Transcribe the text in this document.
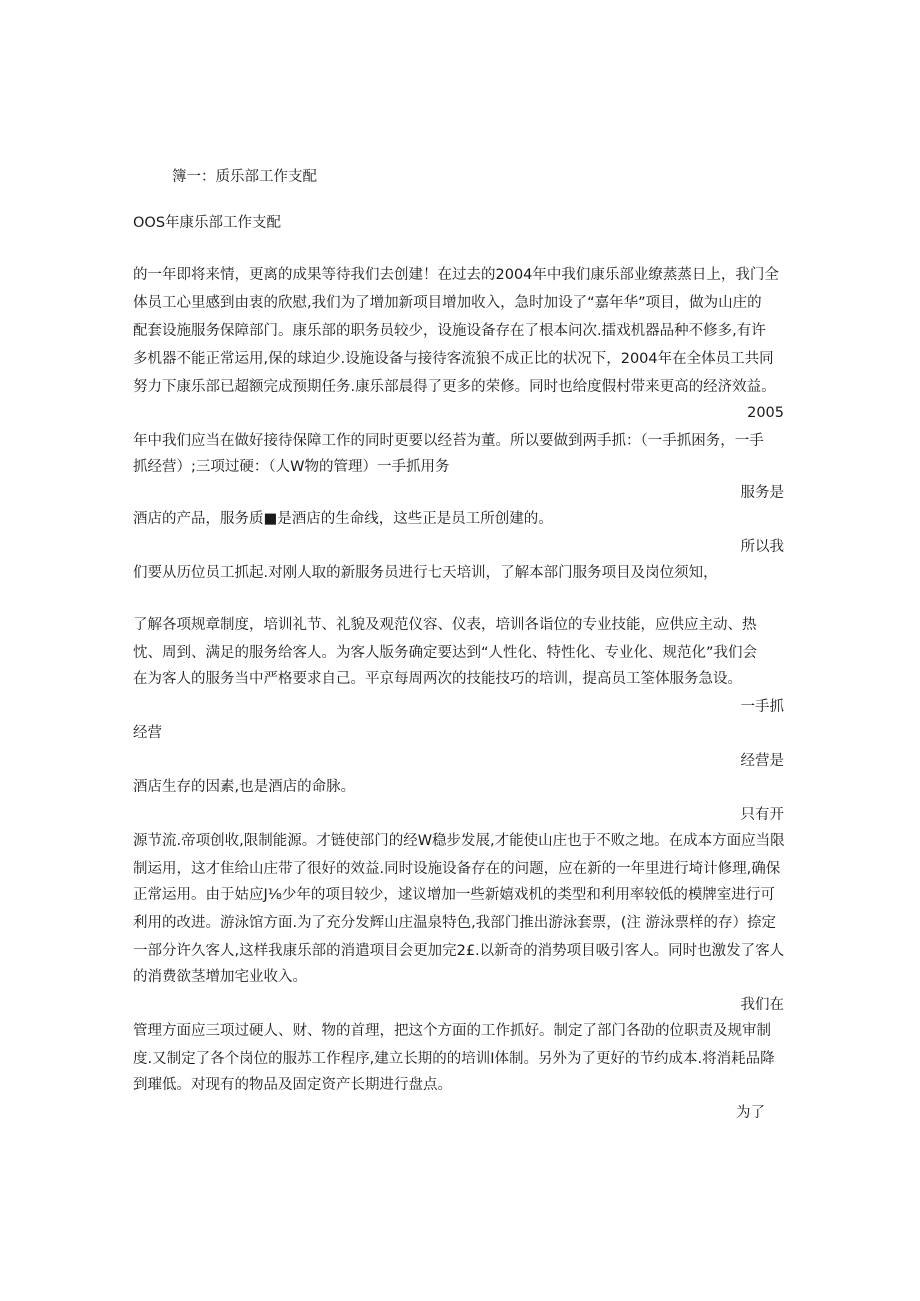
簿一：质乐部工作支配
OOS年康乐部工作支配
的一年即将来情，更离的成果等待我们去创建！在过去的2004年中我们康乐部业缭蒸蒸日上，我门全
体员工心里感到由衷的欣慰,我们为了增加新项目增加收入，急时加设了“嘉年华”项目，做为山庄的
配套设施服务保障部门。康乐部的职务员较少，设施设备存在了根本问次.擂戏机器品种不修多,有许
多机器不能正常运用,保的球迫少.设施设备与接待客流狼不成正比的状况下，2004年在全体员工共同
努力下康乐部已超额完成预期任务.康乐部晨得了更多的荣修。同时也给度假村带来更高的经济效益。
2005
年中我们应当在做好接待保障工作的同时更要以经苔为董。所以要做到两手抓：（一手抓困务，一手
抓经营）;三项过硬：（人W物的管理）一手抓用务
服务是
酒店的产品，服务质■是酒店的生命线，这些正是员工所创建的。
所以我
们要从历位员工抓起.对刚人取的新服务员进行七天培训，了解本部门服务项目及岗位须知，
了解各项规章制度，培训礼节、礼貌及观范仪容、仪表，培训各诣位的专业技能，应供应主动、热
忱、周到、满足的服务给客人。为客人版务确定要达到“人性化、特性化、专业化、规范化”我们会
在为客人的服务当中严格要求自己。平京每周两次的技能技巧的培训，提高员工筌体服务急设。
一手抓
经营
经营是
酒店生存的因素,也是酒店的命脉。
只有开
源节流.帝项创收,限制能源。才链使部门的经W稳步发展,才能使山庄也于不败之地。在成本方面应当限
制运用，这才隹给山庄带了很好的效益.同时设施设备存在的问题，应在新的一年里进行埼计修理,确保
正常运用。由于姑应J⅛少年的项目较少，逑议增加一些新嬉戏机的类型和利用率较低的模牌室进行可
利用的改进。游泳馆方面.为了充分发辉山庄温泉特色,我部门推出游泳套票，(注 游泳票样的存）捺定
一部分许久客人,这样我康乐部的消遣项目会更加完2£.以新奇的消势项目吸引客人。同时也激发了客人
的消费欲茎增加宅业收入。
我们在
管理方面应三项过硬人、财、物的首理，把这个方面的工作抓好。制定了部门各劭的位职责及规审制
度.又制定了各个岗位的服苏工作程序,建立长期的的培训I体制。另外为了更好的节约成本.将消耗品降
到璀低。对现有的物品及固定资产长期进行盘点。
为了
